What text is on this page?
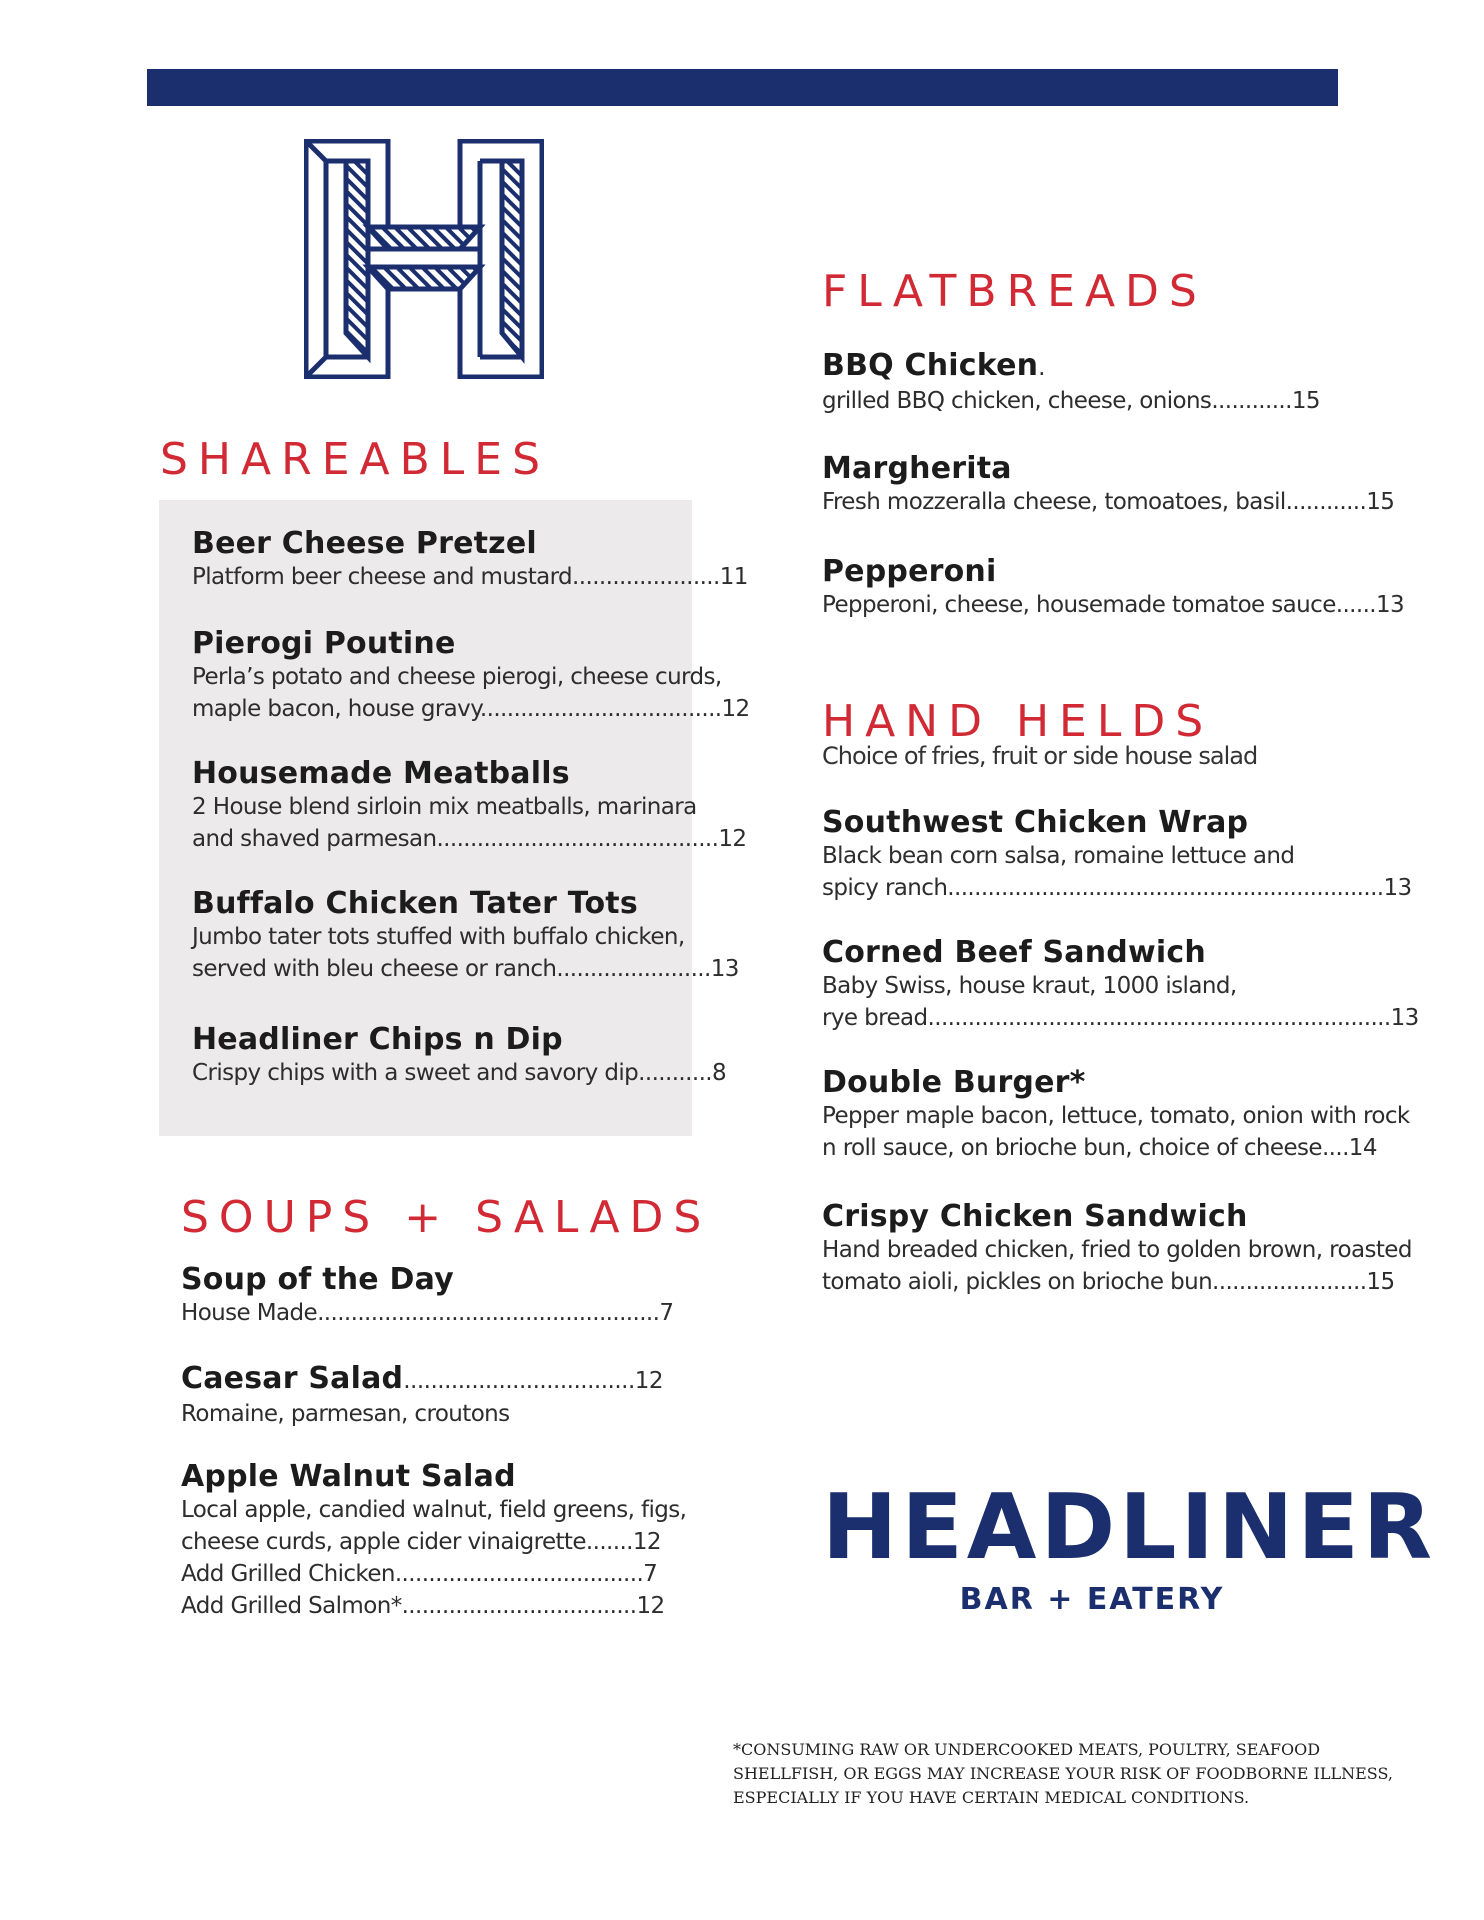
SHAREABLES
Beer Cheese Pretzel
Platform beer cheese and mustard......................11
Pierogi Poutine
Perla’s potato and cheese pierogi, cheese curds,
maple bacon, house gravy....................................12
Housemade Meatballs
2 House blend sirloin mix meatballs, marinara
and shaved parmesan..........................................12
Buffalo Chicken Tater Tots
Jumbo tater tots stuffed with buffalo chicken,
served with bleu cheese or ranch.......................13
Headliner Chips n Dip
Crispy chips with a sweet and savory dip...........8
SOUPS + SALADS
Soup of the Day
House Made...................................................7
Caesar Salad..................................12
Romaine, parmesan, croutons
Apple Walnut Salad
Local apple, candied walnut, field greens, figs,
cheese curds, apple cider vinaigrette.......12
Add Grilled Chicken.....................................7
Add Grilled Salmon*...................................12
FLATBREADS
BBQ Chicken.
grilled BBQ chicken, cheese, onions............15
Margherita
Fresh mozzeralla cheese, tomoatoes, basil............15
Pepperoni
Pepperoni, cheese, housemade tomatoe sauce......13
HAND HELDS
Choice of fries, fruit or side house salad
Southwest Chicken Wrap
Black bean corn salsa, romaine lettuce and
spicy ranch.................................................................13
Corned Beef Sandwich
Baby Swiss, house kraut, 1000 island,
rye bread.....................................................................13
Double Burger*
Pepper maple bacon, lettuce, tomato, onion with rock
n roll sauce, on brioche bun, choice of cheese....14
Crispy Chicken Sandwich
Hand breaded chicken, fried to golden brown, roasted
tomato aioli, pickles on brioche bun.......................15
HEADLINER
BAR + EATERY
*CONSUMING RAW OR UNDERCOOKED MEATS, POULTRY, SEAFOOD
SHELLFISH, OR EGGS MAY INCREASE YOUR RISK OF FOODBORNE ILLNESS,
ESPECIALLY IF YOU HAVE CERTAIN MEDICAL CONDITIONS.
